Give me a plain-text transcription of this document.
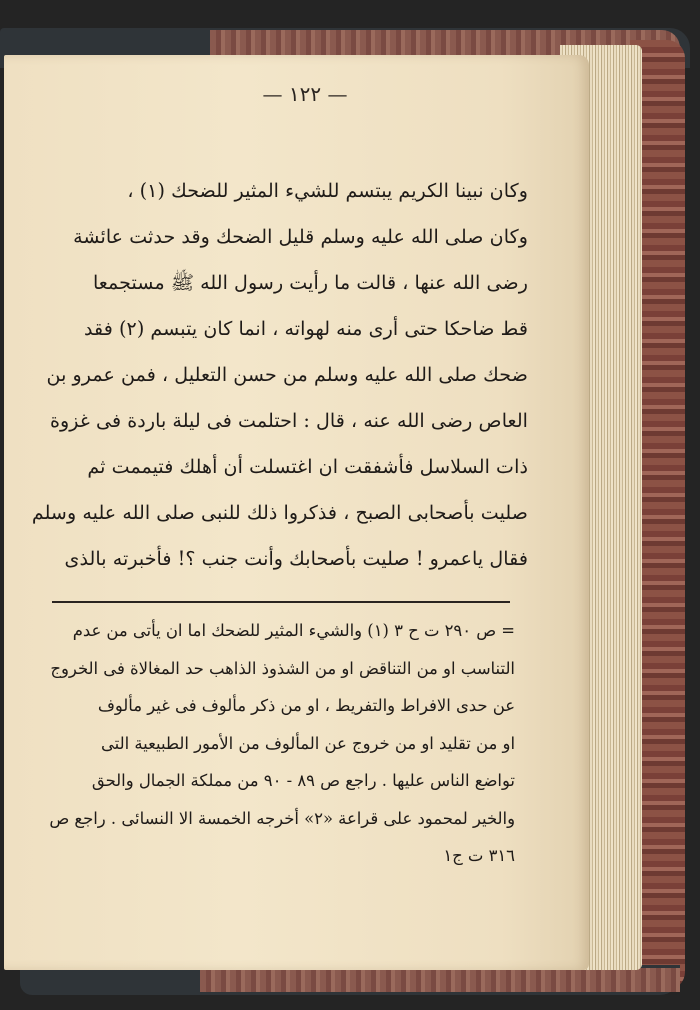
— ١٢٢ —
وكان نبينا الكريم يبتسم للشيء المثير للضحك (١) ،
وكان صلى الله عليه وسلم قليل الضحك وقد حدثت عائشة
رضى الله عنها ، قالت ما رأيت رسول الله ﷺ مستجمعا
قط ضاحكا حتى أرى منه لهواته ، انما كان يتبسم (٢) فقد
ضحك صلى الله عليه وسلم من حسن التعليل ، فمن عمرو بن
العاص رضى الله عنه ، قال : احتلمت فى ليلة باردة فى غزوة
ذات السلاسل فأشفقت ان اغتسلت أن أهلك فتيممت ثم
صليت بأصحابى الصبح ، فذكروا ذلك للنبى صلى الله عليه وسلم
فقال ياعمرو ! صليت بأصحابك وأنت جنب ؟! فأخبرته بالذى
= ص ٢٩٠ ت ح ٣ (١) والشيء المثير للضحك اما ان يأتى من عدم
التناسب او من التناقض او من الشذوذ الذاهب حد المغالاة فى الخروج
عن حدى الافراط والتفريط ، او من ذكر مألوف فى غير مألوف
او من تقليد او من خروج عن المألوف من الأمور الطبيعية التى
تواضع الناس عليها . راجع ص ٨٩ - ٩٠ من مملكة الجمال والحق
والخير لمحمود على قراعة «٢» أخرجه الخمسة الا النسائى . راجع ص
٣١٦ ت ج١
